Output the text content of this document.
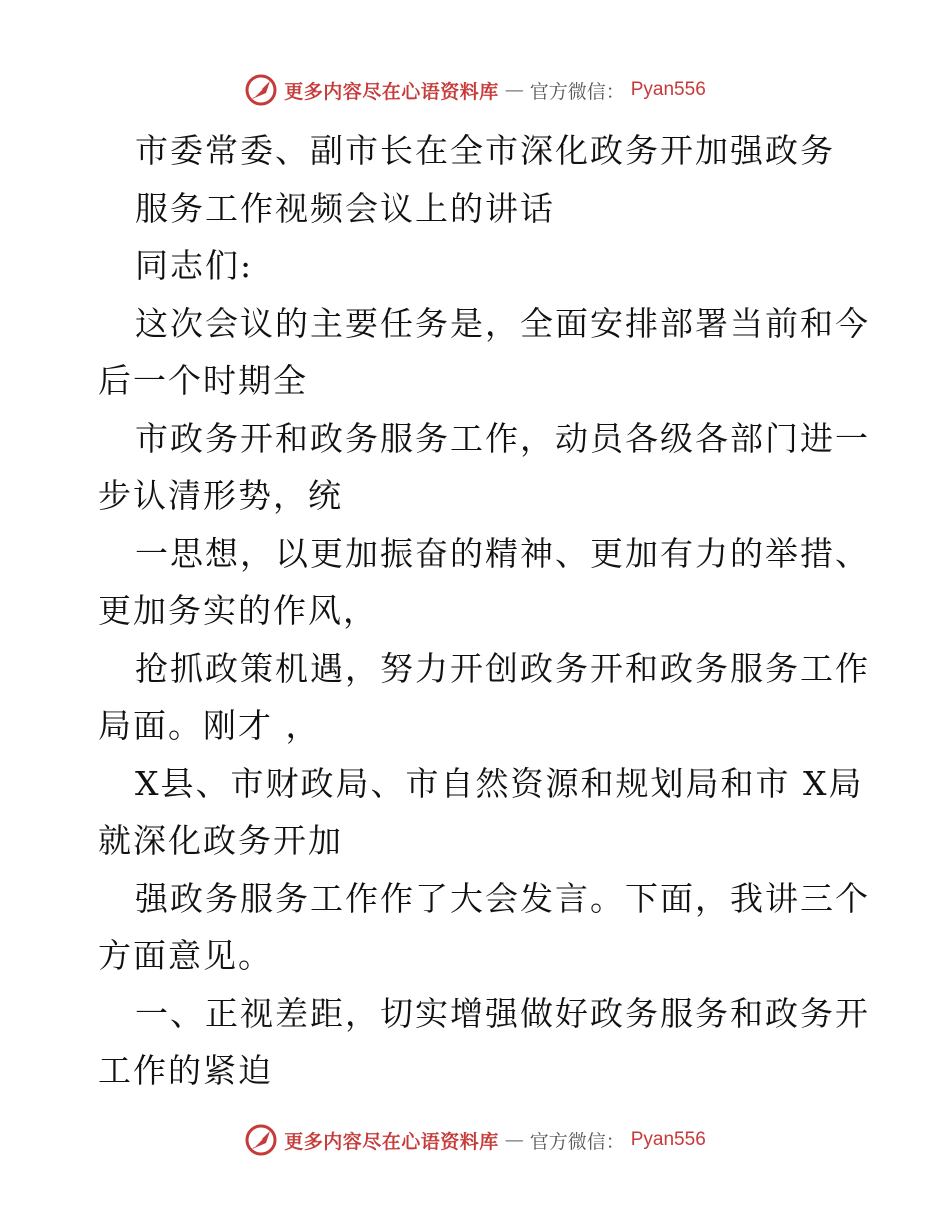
更多内容尽在心语资料库 — 官方微信： Pyan556
市委常委、副市长在全市深化政务开加强政务
服务工作视频会议上的讲话
同志们:
这次会议的主要任务是，全面安排部署当前和今
后一个时期全
市政务开和政务服务工作，动员各级各部门进一
步认清形势，统
一思想，以更加振奋的精神、更加有力的举措、
更加务实的作风，
抢抓政策机遇，努力开创政务开和政务服务工作
局面。刚才 ，
X县、市财政局、市自然资源和规划局和市 X局
就深化政务开加
强政务服务工作作了大会发言。下面，我讲三个
方面意见。
一、正视差距，切实增强做好政务服务和政务开
工作的紧迫
更多内容尽在心语资料库 — 官方微信： Pyan556
